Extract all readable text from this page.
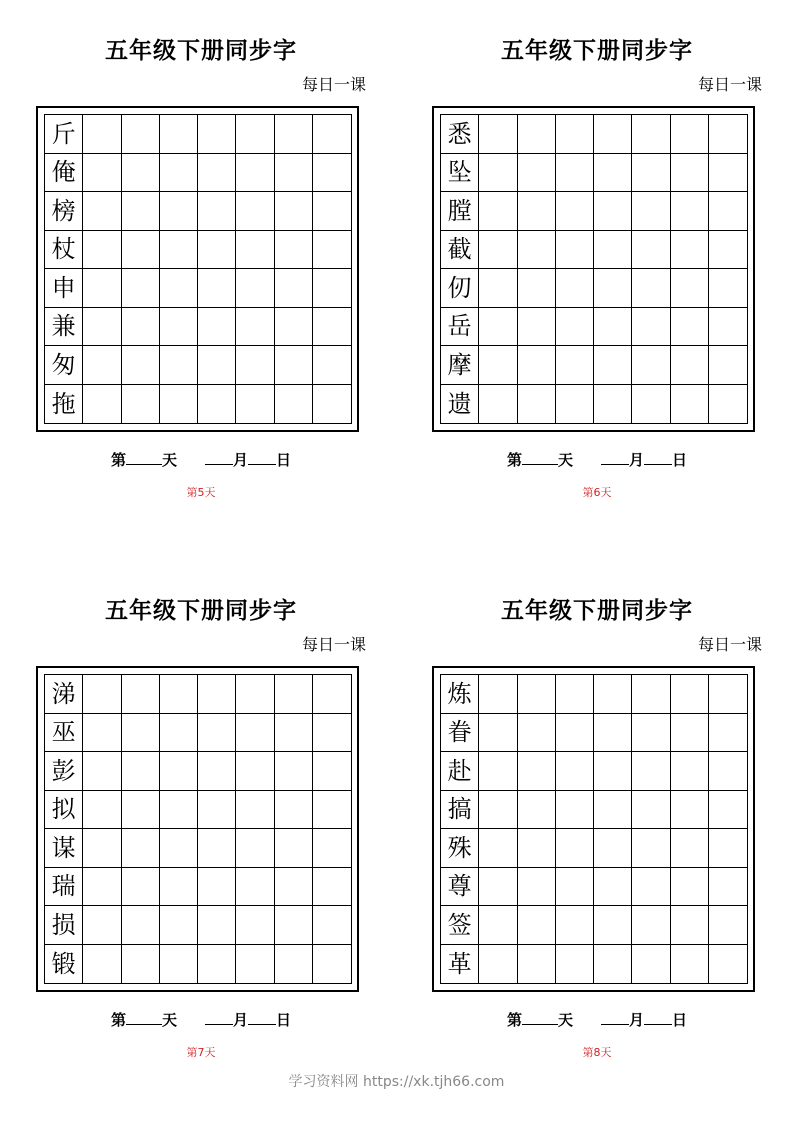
五年级下册同步字
每日一课
斤
俺
榜
杖
申
兼
匆
拖
第 天	月 日
第5天
五年级下册同步字
每日一课
悉
坠
膛
截
仞
岳
摩
遗
第 天	月 日
第6天
五年级下册同步字
每日一课
涕
巫
彭
拟
谋
瑞
损
锻
第 天	月 日
第7天
五年级下册同步字
每日一课
炼
眷
赴
搞
殊
尊
签
革
第 天	月 日
第8天
学习资料网 https://xk.tjh66.com
